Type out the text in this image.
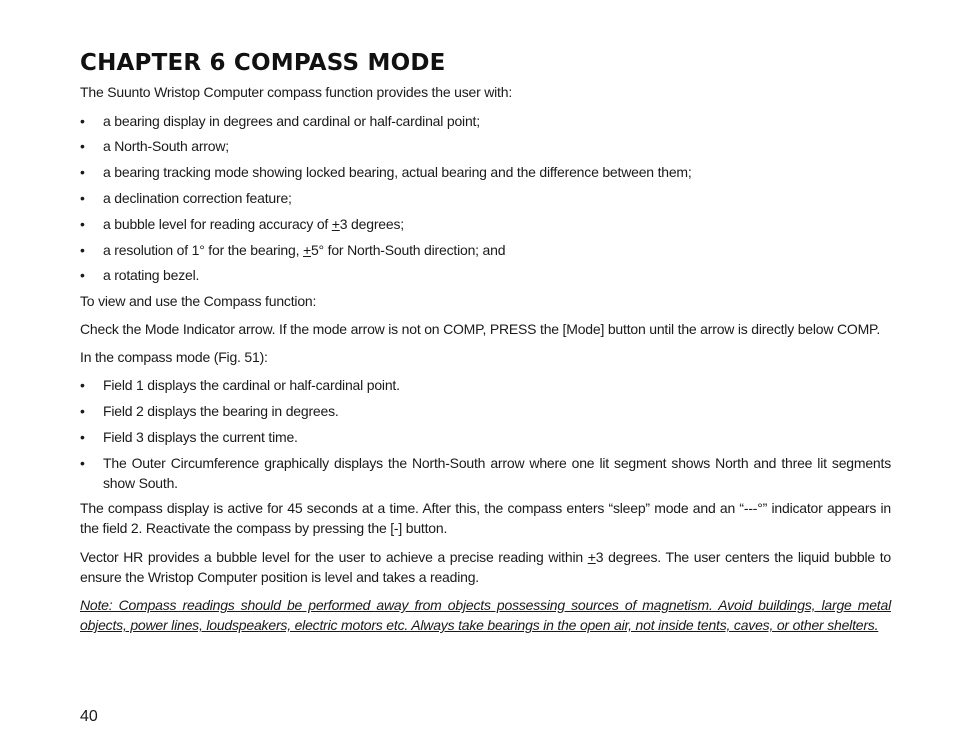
CHAPTER 6 COMPASS MODE

The Suunto Wristop Computer compass function provides the user with:

• a bearing display in degrees and cardinal or half-cardinal point;
• a North-South arrow;
• a bearing tracking mode showing locked bearing, actual bearing and the difference between them;
• a declination correction feature;
• a bubble level for reading accuracy of +3 degrees;
• a resolution of 1° for the bearing, +5° for North-South direction; and
• a rotating bezel.

To view and use the Compass function:

Check the Mode Indicator arrow. If the mode arrow is not on COMP, PRESS the [Mode] button until the arrow is directly below COMP.

In the compass mode (Fig. 51):

• Field 1 displays the cardinal or half-cardinal point.
• Field 2 displays the bearing in degrees.
• Field 3 displays the current time.
• The Outer Circumference graphically displays the North-South arrow where one lit segment shows North and three lit segments show South.

The compass display is active for 45 seconds at a time. After this, the compass enters “sleep” mode and an “---°” indicator appears in the field 2. Reactivate the compass by pressing the [-] button.

Vector HR provides a bubble level for the user to achieve a precise reading within +3 degrees. The user centers the liquid bubble to ensure the Wristop Computer position is level and takes a reading.

Note: Compass readings should be performed away from objects possessing sources of magnetism. Avoid buildings, large metal objects, power lines, loudspeakers, electric motors etc. Always take bearings in the open air, not inside tents, caves, or other shelters.

40
